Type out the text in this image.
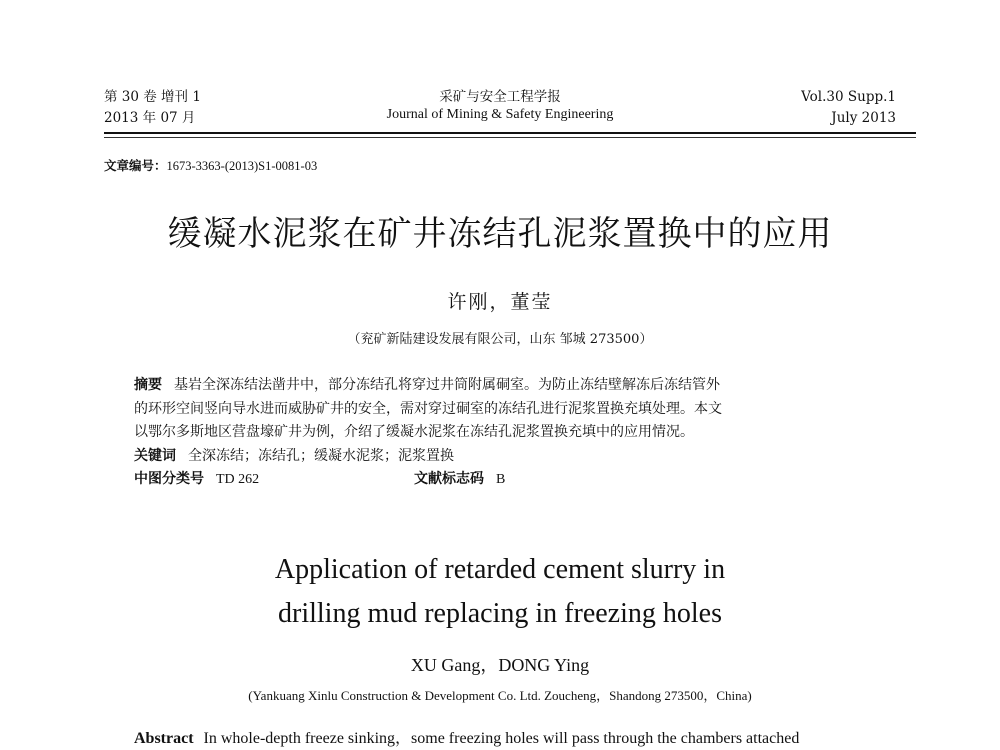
第 30 卷 增刊 1
2013 年 07 月
采矿与安全工程学报
Journal of Mining & Safety Engineering
Vol.30 Supp.1
July 2013
文章编号：1673-3363-(2013)S1-0081-03
缓凝水泥浆在矿井冻结孔泥浆置换中的应用
许刚，董莹
（兖矿新陆建设发展有限公司，山东 邹城 273500）
摘要 基岩全深冻结法凿井中，部分冻结孔将穿过井筒附属硐室。为防止冻结壁解冻后冻结管外
的环形空间竖向导水进而威胁矿井的安全，需对穿过硐室的冻结孔进行泥浆置换充填处理。本文
以鄂尔多斯地区营盘壕矿井为例，介绍了缓凝水泥浆在冻结孔泥浆置换充填中的应用情况。
关键词 全深冻结；冻结孔；缓凝水泥浆；泥浆置换
中图分类号 TD 262	文献标志码 B
Application of retarded cement slurry in
drilling mud replacing in freezing holes
XU Gang，DONG Ying
(Yankuang Xinlu Construction & Development Co. Ltd. Zoucheng，Shandong 273500，China)
Abstract In whole-depth freeze sinking，some freezing holes will pass through the chambers attached
